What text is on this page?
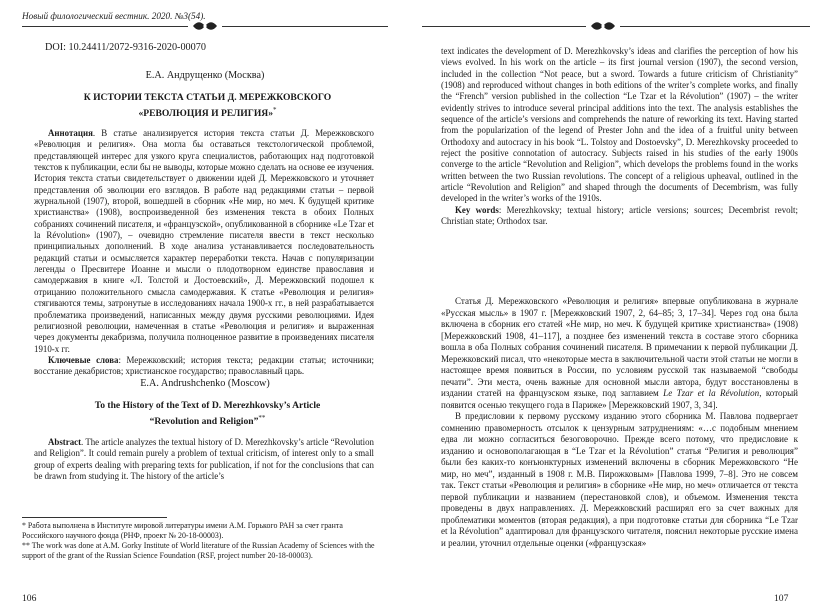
Новый филологический вестник. 2020. №3(54).
DOI: 10.24411/2072-9316-2020-00070
Е.А. Андрущенко (Москва)
К ИСТОРИИ ТЕКСТА СТАТЬИ Д. МЕРЕЖКОВСКОГО
«РЕВОЛЮЦИЯ И РЕЛИГИЯ»*

Аннотация. В статье анализируется история текста статьи Д. Мережковского «Революция и религия». Она могла бы оставаться текстологической проблемой, представляющей интерес для узкого круга специалистов, работающих над подготовкой текстов к публикации, если бы не выводы, которые можно сделать на основе ее изучения. История текста статьи свидетельствует о движении идей Д. Мережковского и уточняет представления об эволюции его взглядов. В работе над редакциями статьи – первой журнальной (1907), второй, вошедшей в сборник «Не мир, но меч. К будущей критике христианства» (1908), воспроизведенной без изменения текста в обоих Полных собраниях сочинений писателя, и «французской», опубликованной в сборнике «Le Tzar et la Révolution» (1907), – очевидно стремление писателя ввести в текст несколько принципиальных дополнений. В ходе анализа устанавливается последовательность редакций статьи и осмысляется характер переработки текста. Начав с популяризации легенды о Пресвитере Иоанне и мысли о плодотворном единстве православия и самодержавия в книге «Л. Толстой и Достоевский», Д. Мережковский подошел к отрицанию положительного смысла самодержавия. К статье «Революция и религия» стягиваются темы, затронутые в исследованиях начала 1900-х гг., в ней разрабатывается проблематика произведений, написанных между двумя русскими революциями. Идея религиозной революции, намеченная в статье «Революция и религия» и выраженная через документы декабризма, получила полноценное развитие в произведениях писателя 1910-х гг.

Ключевые слова: Мережковский; история текста; редакции статьи; источники; восстание декабристов; христианское государство; православный царь.

E.A. Andrushchenko (Moscow)
To the History of the Text of D. Merezhkovsky’s Article
“Revolution and Religion”**

Abstract. The article analyzes the textual history of D. Merezhkovsky’s article “Revolution and Religion”. It could remain purely a problem of textual criticism, of interest only to a small group of experts dealing with preparing texts for publication, if not for the conclusions that can be drawn from studying it. The history of the article’s

* Работа выполнена в Институте мировой литературы имени А.М. Горького РАН за счет гранта Российского научного фонда (РНФ, проект № 20-18-00003).

** The work was done at A.M. Gorky Institute of World literature of the Russian Academy of Sciences with the support of the grant of the Russian Science Foundation (RSF, project number 20-18-00003).

106

text indicates the development of D. Merezhkovsky’s ideas and clarifies the perception of how his views evolved. In his work on the article – its first journal version (1907), the second version, included in the collection “Not peace, but a sword. Towards a future criticism of Christianity” (1908) and reproduced without changes in both editions of the writer’s complete works, and finally the “French” version published in the collection “Le Tzar et la Révolution” (1907) – the writer evidently strives to introduce several principal additions into the text. The analysis establishes the sequence of the article’s versions and comprehends the nature of reworking its text. Having started from the popularization of the legend of Prester John and the idea of a fruitful unity between Orthodoxy and autocracy in his book “L. Tolstoy and Dostoevsky”, D. Merezhkovsky proceeded to reject the positive connotation of autocracy. Subjects raised in his studies of the early 1900s converge to the article “Revolution and Religion”, which develops the problems found in the works written between the two Russian revolutions. The concept of a religious upheaval, outlined in the article “Revolution and Religion” and shaped through the documents of Decembrism, was fully developed in the writer’s works of the 1910s.

Key words: Merezhkovsky; textual history; article versions; sources; Decembrist revolt; Christian state; Orthodox tsar.

Статья Д. Мережковского «Революция и религия» впервые опубликована в журнале «Русская мысль» в 1907 г. [Мережковский 1907, 2, 64–85; 3, 17–34]. Через год она была включена в сборник его статей «Не мир, но меч. К будущей критике христианства» (1908) [Мережковский 1908, 41–117], а позднее без изменений текста в составе этого сборника вошла в оба Полных собрания сочинений писателя. В примечании к первой публикации Д. Мережковский писал, что «некоторые места в заключительной части этой статьи не могли в настоящее время появиться в России, по условиям русской так называемой “свободы печати”. Эти места, очень важные для основной мысли автора, будут восстановлены в издании статей на французском языке, под заглавием Le Tzar et la Révolution, который появится осенью текущего года в Париже» [Мережковский 1907, 3, 34].

В предисловии к первому русскому изданию этого сборника М. Павлова подвергает сомнению правомерность отсылок к цензурным затруднениям: «…с подобным мнением едва ли можно согласиться безоговорочно. Прежде всего потому, что предисловие к изданию и основополагающая в “Le Tzar et la Révolution” статья “Религия и революция” были без каких-то конъюнктурных изменений включены в сборник Мережковского “Не мир, но меч”, изданный в 1908 г. М.В. Пирожковым» [Павлова 1999, 7–8]. Это не совсем так. Текст статьи «Революция и религия» в сборнике «Не мир, но меч» отличается от текста первой публикации и названием (перестановкой слов), и объемом. Изменения текста проведены в двух направлениях. Д. Мережковский расширял его за счет важных для проблематики моментов (вторая редакция), а при подготовке статьи для сборника “Le Tzar et la Révolution” адаптировал для французского читателя, пояснил некоторые русские имена и реалии, уточнил отдельные оценки («французская»

107
